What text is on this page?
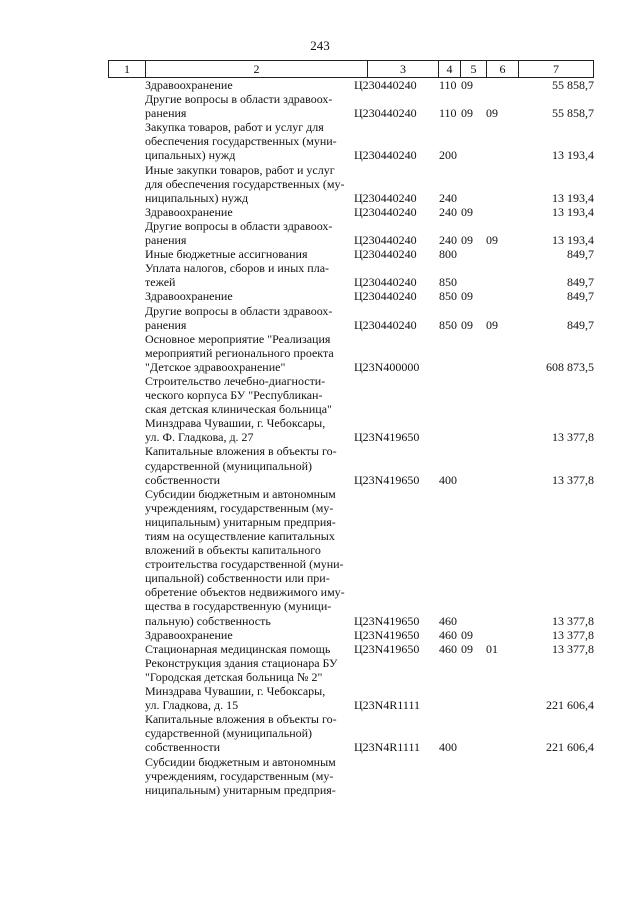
243
1	2	3	4	5	6	7
Здравоохранение	Ц230440240	110 09	55 858,7
Другие вопросы в области здравоох-
ранения	Ц230440240	110 09	09	55 858,7
Закупка товаров, работ и услуг для
обеспечения государственных (муни-
ципальных) нужд	Ц230440240	200	13 193,4
Иные закупки товаров, работ и услуг
для обеспечения государственных (му-
ниципальных) нужд	Ц230440240	240	13 193,4
Здравоохранение	Ц230440240	240 09	13 193,4
Другие вопросы в области здравоох-
ранения	Ц230440240	240 09	09	13 193,4
Иные бюджетные ассигнования	Ц230440240	800	849,7
Уплата налогов, сборов и иных пла-
тежей	Ц230440240	850	849,7
Здравоохранение	Ц230440240	850 09	849,7
Другие вопросы в области здравоох-
ранения	Ц230440240	850 09	09	849,7
Основное мероприятие "Реализация
мероприятий регионального проекта
"Детское здравоохранение"	Ц23N400000	608 873,5
Строительство лечебно-диагности-
ческого корпуса БУ "Республикан-
ская детская клиническая больница"
Минздрава Чувашии, г. Чебоксары,
ул. Ф. Гладкова, д. 27	Ц23N419650	13 377,8
Капитальные вложения в объекты го-
сударственной (муниципальной)
собственности	Ц23N419650	400	13 377,8
Субсидии бюджетным и автономным
учреждениям, государственным (му-
ниципальным) унитарным предприя-
тиям на осуществление капитальных
вложений в объекты капитального
строительства государственной (муни-
ципальной) собственности или при-
обретение объектов недвижимого иму-
щества в государственную (муници-
пальную) собственность	Ц23N419650	460	13 377,8
Здравоохранение	Ц23N419650	460 09	13 377,8
Стационарная медицинская помощь	Ц23N419650	460 09	01	13 377,8
Реконструкция здания стационара БУ
"Городская детская больница № 2"
Минздрава Чувашии, г. Чебоксары,
ул. Гладкова, д. 15	Ц23N4R1111	221 606,4
Капитальные вложения в объекты го-
сударственной (муниципальной)
собственности	Ц23N4R1111	400	221 606,4
Субсидии бюджетным и автономным
учреждениям, государственным (му-
ниципальным) унитарным предприя-
